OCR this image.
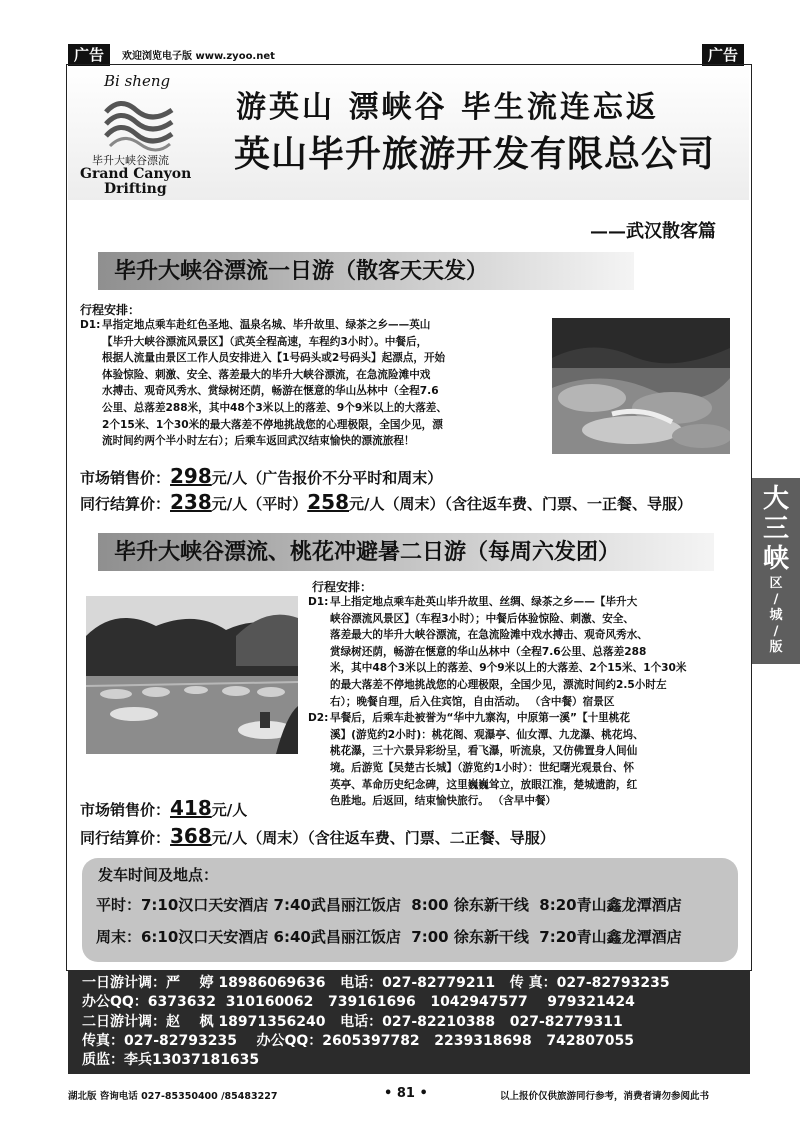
广告	欢迎浏览电子版 www.zyoo.net	广告
Bi sheng
毕升大峡谷漂流
Grand Canyon
Drifting
游英山 漂峡谷 毕生流连忘返
英山毕升旅游开发有限总公司
——武汉散客篇
毕升大峡谷漂流一日游（散客天天发）
行程安排：
D1: 早指定地点乘车赴红色圣地、温泉名城、毕升故里、绿茶之乡——英山
【毕升大峡谷漂流风景区】（武英全程高速，车程约3小时）。中餐后，
根据人流量由景区工作人员安排进入【1号码头或2号码头】起漂点，开始
体验惊险、刺激、安全、落差最大的毕升大峡谷漂流，在急流险滩中戏
水搏击、观奇风秀水、赏绿树还荫，畅游在惬意的华山丛林中（全程7.6
公里、总落差288米，其中48个3米以上的落差、9个9米以上的大落差、
2个15米、1个30米的最大落差不停地挑战您的心理极限，全国少见，漂
流时间约两个半小时左右）；后乘车返回武汉结束愉快的漂流旅程！
市场销售价：298元/人（广告报价不分平时和周末）
同行结算价：238元/人（平时）258元/人（周末）（含往返车费、门票、一正餐、导服）
毕升大峡谷漂流、桃花冲避暑二日游（每周六发团）
行程安排：
D1: 早上指定地点乘车赴英山毕升故里、丝绸、绿茶之乡——【毕升大
峡谷漂流风景区】（车程3小时）；中餐后体验惊险、刺激、安全、
落差最大的毕升大峡谷漂流，在急流险滩中戏水搏击、观奇风秀水、
赏绿树还荫，畅游在惬意的华山丛林中（全程7.6公里、总落差288
米，其中48个3米以上的落差、9个9米以上的大落差、2个15米、1个30米
的最大落差不停地挑战您的心理极限，全国少见，漂流时间约2.5小时左
右）；晚餐自理，后入住宾馆，自由活动。 （含中餐）宿景区
D2: 早餐后，后乘车赴被誉为“华中九寨沟，中原第一溪”【十里桃花
溪】(游览约2小时)：桃花阁、观瀑亭、仙女潭、九龙瀑、桃花坞、
桃花瀑，三十六景异彩纷呈，看飞瀑，听流泉，又仿佛置身人间仙
境。后游览【吴楚古长城】（游览约1小时）：世纪曙光观景台、怀
英亭、革命历史纪念碑，这里巍巍耸立，放眼江淮，楚城遗韵，红
色胜地。后返回，结束愉快旅行。 （含早中餐）
市场销售价：418元/人
同行结算价：368元/人（周末）（含往返车费、门票、二正餐、导服）
发车时间及地点：
平时：7:10汉口天安酒店 7:40武昌丽江饭店  8:00 徐东新干线  8:20青山鑫龙潭酒店
周末：6:10汉口天安酒店 6:40武昌丽江饭店  7:00 徐东新干线  7:20青山鑫龙潭酒店
一日游计调：严    婷 18986069636   电话：027-82779211   传 真：027-82793235
办公QQ：6373632  310160062   739161696   1042947577    979321424
二日游计调：赵    枫 18971356240   电话：027-82210388   027-82779311
传真：027-82793235    办公QQ：2605397782   2239318698   742807055
质监：李兵13037181635
大
三
峡
区
/
城
/
版
湖北版 咨询电话 027-85350400 /85483227	• 81 •	以上报价仅供旅游同行参考，消费者请勿参阅此书
